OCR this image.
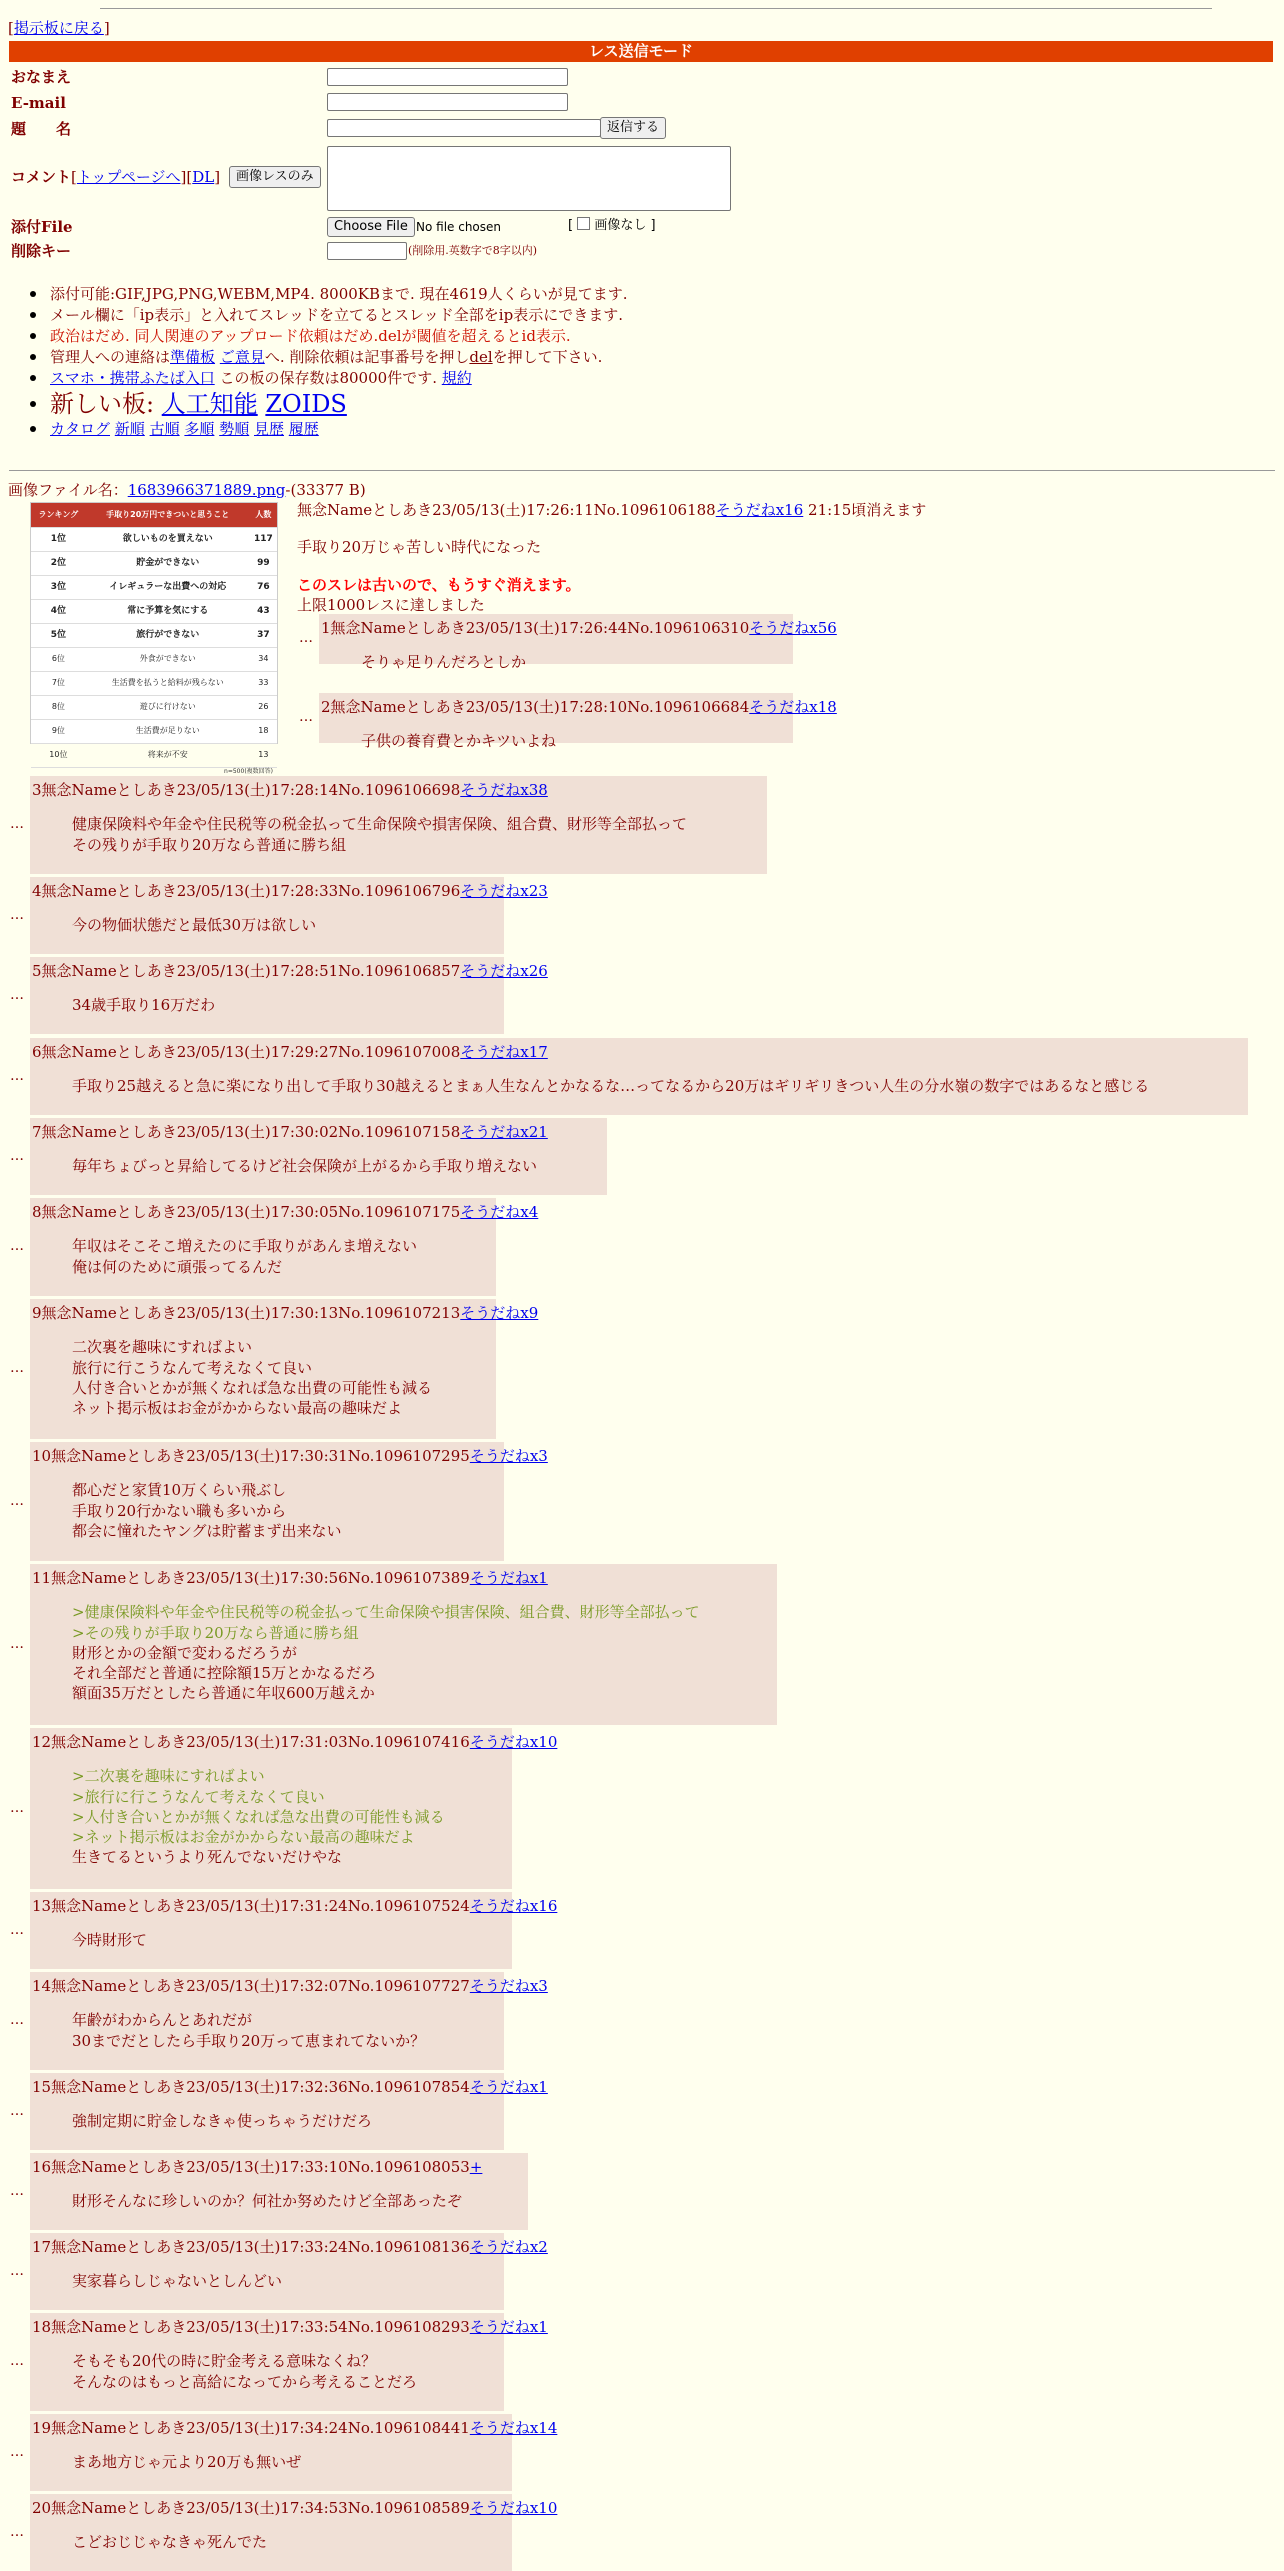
[掲示板に戻る]
レス送信モード
おなまえ
E-mail
題　　名	返信する
コメント[トップページへ][DL]	画像レスのみ
添付File	Choose File No file chosen	[  画像なし ]
削除キー	(削除用.英数字で8字以内)
添付可能:GIF,JPG,PNG,WEBM,MP4. 8000KBまで. 現在4619人くらいが見てます.
メール欄に「ip表示」と入れてスレッドを立てるとスレッド全部をip表示にできます.
政治はだめ. 同人関連のアップロード依頼はだめ.delが閾値を超えるとid表示.
管理人への連絡は準備板 ご意見へ. 削除依頼は記事番号を押しdelを押して下さい.
スマホ・携帯ふたば入口 この板の保存数は80000件です. 規約
新しい板: 人工知能 ZOIDS
カタログ 新順 古順 多順 勢順 見歴 履歴
画像ファイル名：1683966371889.png-(33377 B)
ランキング	手取り20万円できついと思うこと	人数
1位	欲しいものを買えない	117
2位	貯金ができない	99
3位	イレギュラーな出費への対応	76
4位	常に予算を気にする	43
5位	旅行ができない	37
6位	外食ができない	34
7位	生活費を払うと給料が残らない	33
8位	遊びに行けない	26
9位	生活費が足りない	18
10位	将来が不安	13
n=500(複数回答)
無念Nameとしあき23/05/13(土)17:26:11No.1096106188そうだねx16 21:15頃消えます
手取り20万じゃ苦しい時代になった
このスレは古いので、もうすぐ消えます。
上限1000レスに達しました
…
1無念Nameとしあき23/05/13(土)17:26:44No.1096106310そうだねx56
そりゃ足りんだろとしか
…
2無念Nameとしあき23/05/13(土)17:28:10No.1096106684そうだねx18
子供の養育費とかキツいよね
…
3無念Nameとしあき23/05/13(土)17:28:14No.1096106698そうだねx38
健康保険料や年金や住民税等の税金払って生命保険や損害保険、組合費、財形等全部払って
その残りが手取り20万なら普通に勝ち組
…
4無念Nameとしあき23/05/13(土)17:28:33No.1096106796そうだねx23
今の物価状態だと最低30万は欲しい
…
5無念Nameとしあき23/05/13(土)17:28:51No.1096106857そうだねx26
34歳手取り16万だわ
…
6無念Nameとしあき23/05/13(土)17:29:27No.1096107008そうだねx17
手取り25越えると急に楽になり出して手取り30越えるとまぁ人生なんとかなるな…ってなるから20万はギリギリきつい人生の分水嶺の数字ではあるなと感じる
…
7無念Nameとしあき23/05/13(土)17:30:02No.1096107158そうだねx21
毎年ちょびっと昇給してるけど社会保険が上がるから手取り増えない
…
8無念Nameとしあき23/05/13(土)17:30:05No.1096107175そうだねx4
年収はそこそこ増えたのに手取りがあんま増えない
俺は何のために頑張ってるんだ
…
9無念Nameとしあき23/05/13(土)17:30:13No.1096107213そうだねx9
二次裏を趣味にすればよい
旅行に行こうなんて考えなくて良い
人付き合いとかが無くなれば急な出費の可能性も減る
ネット掲示板はお金がかからない最高の趣味だよ
…
10無念Nameとしあき23/05/13(土)17:30:31No.1096107295そうだねx3
都心だと家賃10万くらい飛ぶし
手取り20行かない職も多いから
都会に憧れたヤングは貯蓄まず出来ない
…
11無念Nameとしあき23/05/13(土)17:30:56No.1096107389そうだねx1
>健康保険料や年金や住民税等の税金払って生命保険や損害保険、組合費、財形等全部払って
>その残りが手取り20万なら普通に勝ち組
財形とかの金額で変わるだろうが
それ全部だと普通に控除額15万とかなるだろ
額面35万だとしたら普通に年収600万越えか
…
12無念Nameとしあき23/05/13(土)17:31:03No.1096107416そうだねx10
>二次裏を趣味にすればよい
>旅行に行こうなんて考えなくて良い
>人付き合いとかが無くなれば急な出費の可能性も減る
>ネット掲示板はお金がかからない最高の趣味だよ
生きてるというより死んでないだけやな
…
13無念Nameとしあき23/05/13(土)17:31:24No.1096107524そうだねx16
今時財形て
…
14無念Nameとしあき23/05/13(土)17:32:07No.1096107727そうだねx3
年齢がわからんとあれだが
30までだとしたら手取り20万って恵まれてないか？
…
15無念Nameとしあき23/05/13(土)17:32:36No.1096107854そうだねx1
強制定期に貯金しなきゃ使っちゃうだけだろ
…
16無念Nameとしあき23/05/13(土)17:33:10No.1096108053+
財形そんなに珍しいのか？何社か努めたけど全部あったぞ
…
17無念Nameとしあき23/05/13(土)17:33:24No.1096108136そうだねx2
実家暮らしじゃないとしんどい
…
18無念Nameとしあき23/05/13(土)17:33:54No.1096108293そうだねx1
そもそも20代の時に貯金考える意味なくね？
そんなのはもっと高給になってから考えることだろ
…
19無念Nameとしあき23/05/13(土)17:34:24No.1096108441そうだねx14
まあ地方じゃ元より20万も無いぜ
…
20無念Nameとしあき23/05/13(土)17:34:53No.1096108589そうだねx10
こどおじじゃなきゃ死んでた
